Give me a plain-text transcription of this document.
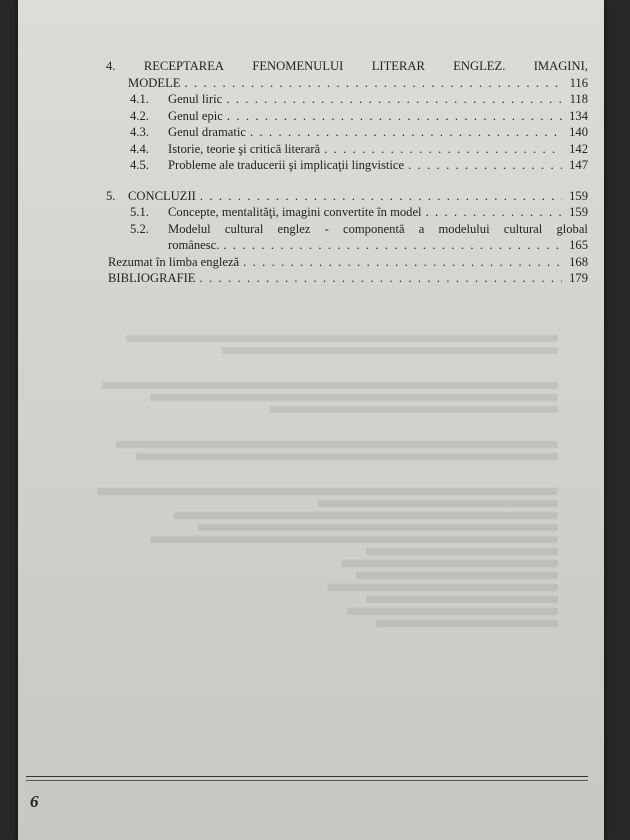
4. RECEPTAREA FENOMENULUI LITERAR ENGLEZ. IMAGINI,
MODELE . . .	116
4.1.	Genul liric . . .	118
4.2.	Genul epic . . .	134
4.3.	Genul dramatic . . .	140
4.4.	Istorie, teorie şi critică literară . . .	142
4.5.	Probleme ale traducerii şi implicaţii lingvistice . . .	147
5. CONCLUZII . . .	159
5.1.	Concepte, mentalităţi, imagini convertite în model . . .	159
5.2.	Modelul cultural englez - componentă a modelului cultural global
românesc. . . .	165
Rezumat în limba engleză . . .	168
BIBLIOGRAFIE . . .	179
6
